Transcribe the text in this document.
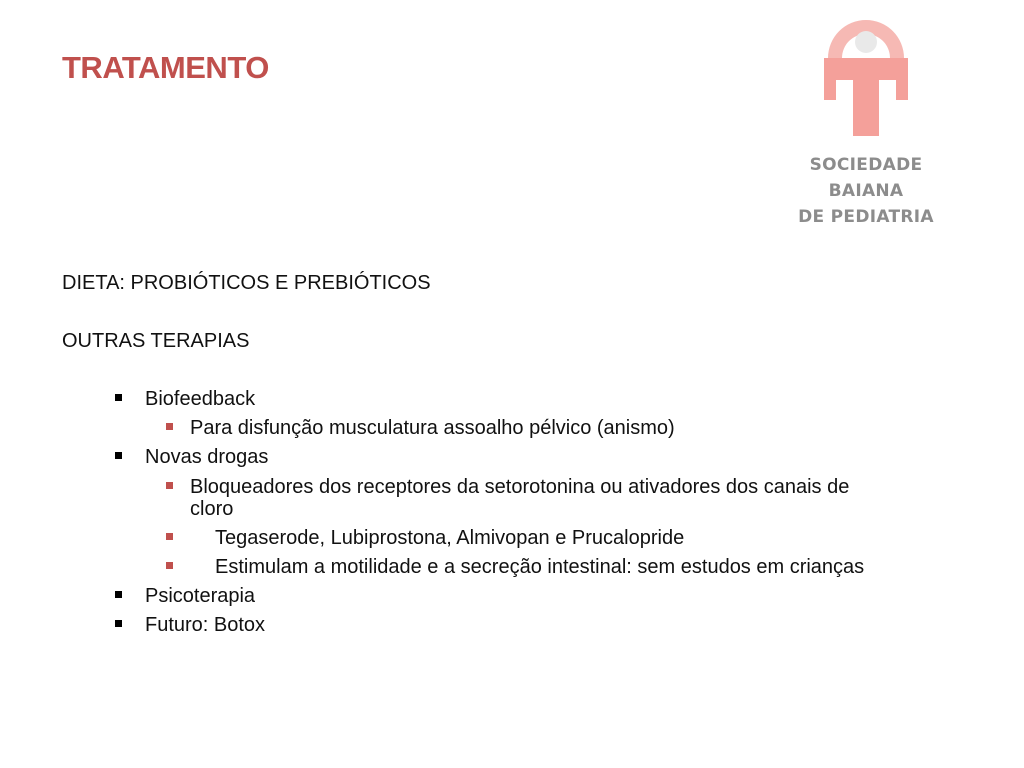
TRATAMENTO
SOCIEDADE
BAIANA
DE PEDIATRIA
DIETA: PROBIÓTICOS E PREBIÓTICOS
OUTRAS TERAPIAS
Biofeedback
Para disfunção musculatura assoalho pélvico (anismo)
Novas drogas
Bloqueadores dos receptores da setorotonina ou ativadores dos canais de
cloro
Tegaserode, Lubiprostona, Almivopan e Prucalopride
Estimulam a motilidade e a secreção intestinal: sem estudos em crianças
Psicoterapia
Futuro: Botox
